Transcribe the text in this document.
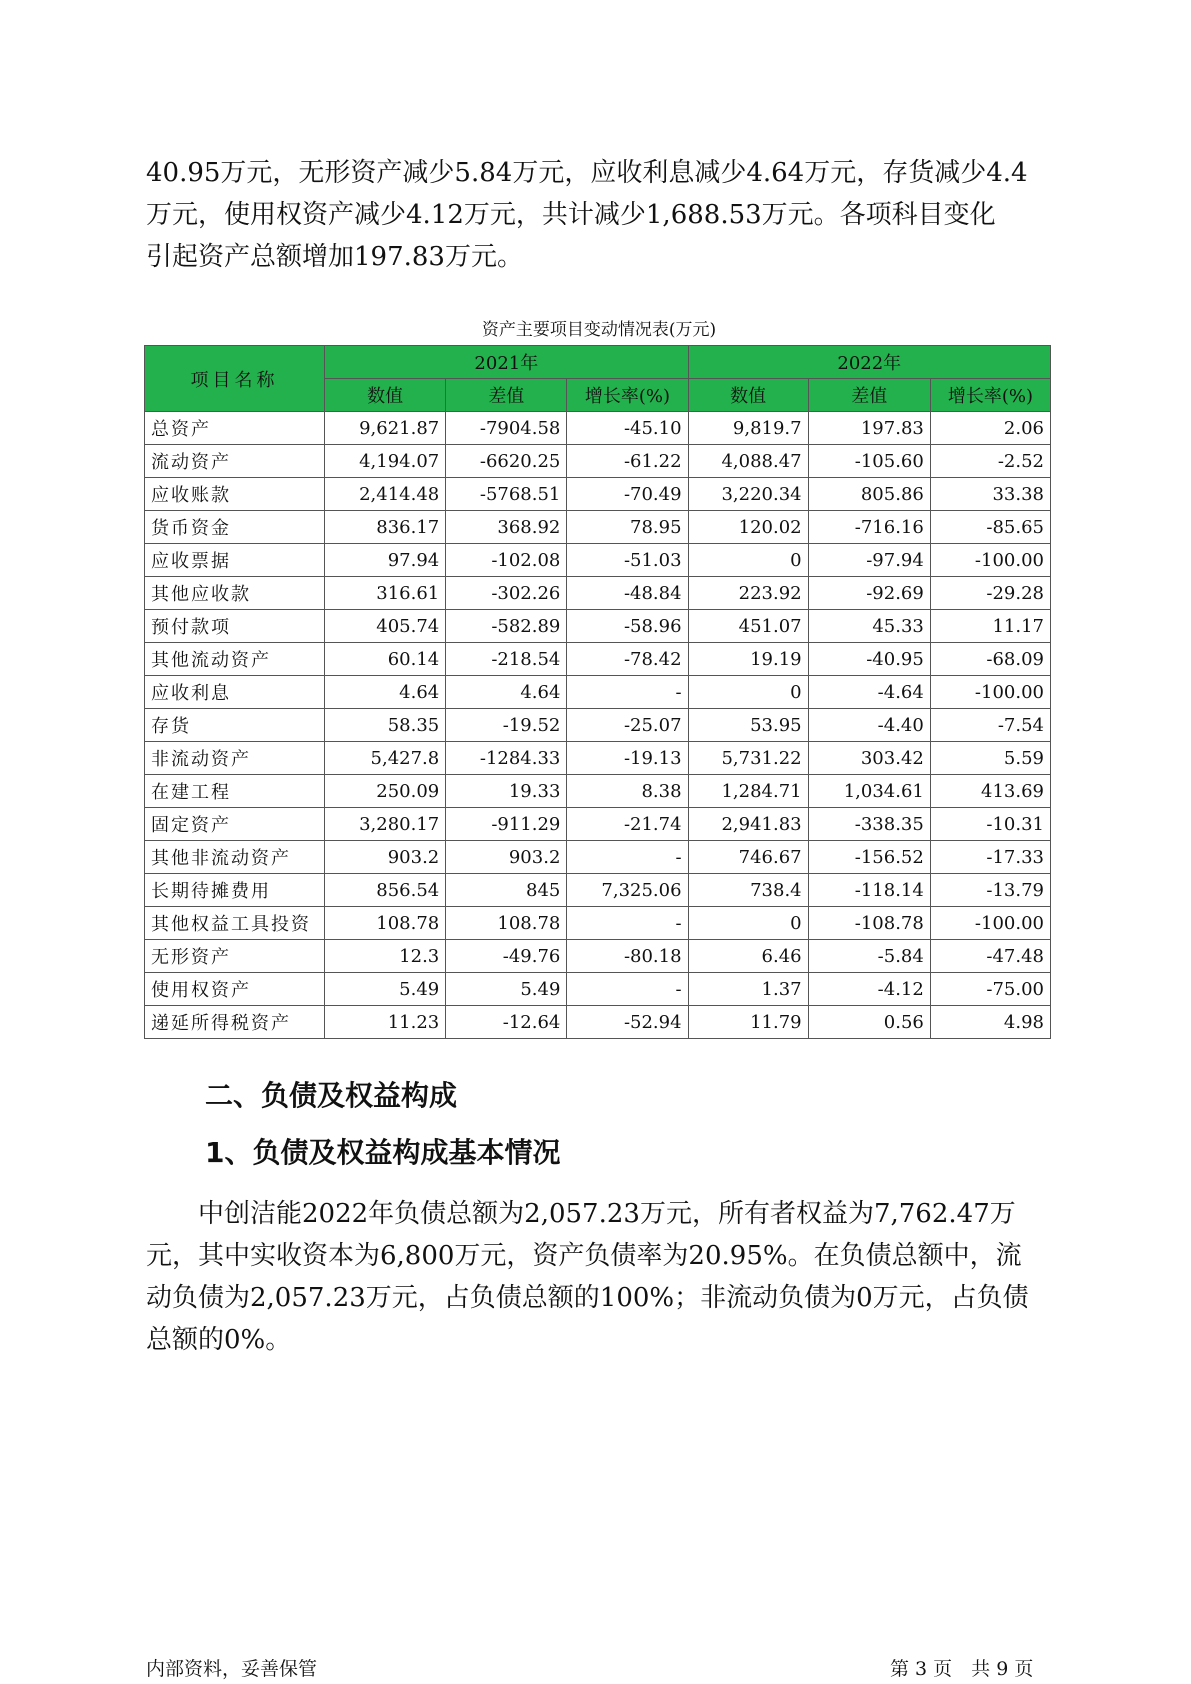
40.95万元，无形资产减少5.84万元，应收利息减少4.64万元，存货减少4.4
万元，使用权资产减少4.12万元，共计减少1,688.53万元。各项科目变化
引起资产总额增加197.83万元。
资产主要项目变动情况表(万元)
项目名称	2021年			2022年		
	数值	差值	增长率(%)	数值	差值	增长率(%)
总资产	9,621.87	-7904.58	-45.10	9,819.7	197.83	2.06
流动资产	4,194.07	-6620.25	-61.22	4,088.47	-105.60	-2.52
应收账款	2,414.48	-5768.51	-70.49	3,220.34	805.86	33.38
货币资金	836.17	368.92	78.95	120.02	-716.16	-85.65
应收票据	97.94	-102.08	-51.03	0	-97.94	-100.00
其他应收款	316.61	-302.26	-48.84	223.92	-92.69	-29.28
预付款项	405.74	-582.89	-58.96	451.07	45.33	11.17
其他流动资产	60.14	-218.54	-78.42	19.19	-40.95	-68.09
应收利息	4.64	4.64	-	0	-4.64	-100.00
存货	58.35	-19.52	-25.07	53.95	-4.40	-7.54
非流动资产	5,427.8	-1284.33	-19.13	5,731.22	303.42	5.59
在建工程	250.09	19.33	8.38	1,284.71	1,034.61	413.69
固定资产	3,280.17	-911.29	-21.74	2,941.83	-338.35	-10.31
其他非流动资产	903.2	903.2	-	746.67	-156.52	-17.33
长期待摊费用	856.54	845	7,325.06	738.4	-118.14	-13.79
其他权益工具投资	108.78	108.78	-	0	-108.78	-100.00
无形资产	12.3	-49.76	-80.18	6.46	-5.84	-47.48
使用权资产	5.49	5.49	-	1.37	-4.12	-75.00
递延所得税资产	11.23	-12.64	-52.94	11.79	0.56	4.98
二、负债及权益构成
1、负债及权益构成基本情况
　　中创洁能2022年负债总额为2,057.23万元，所有者权益为7,762.47万
元，其中实收资本为6,800万元，资产负债率为20.95%。在负债总额中，流
动负债为2,057.23万元，占负债总额的100%；非流动负债为0万元，占负债
总额的0%。
内部资料，妥善保管	第 3 页　共 9 页
